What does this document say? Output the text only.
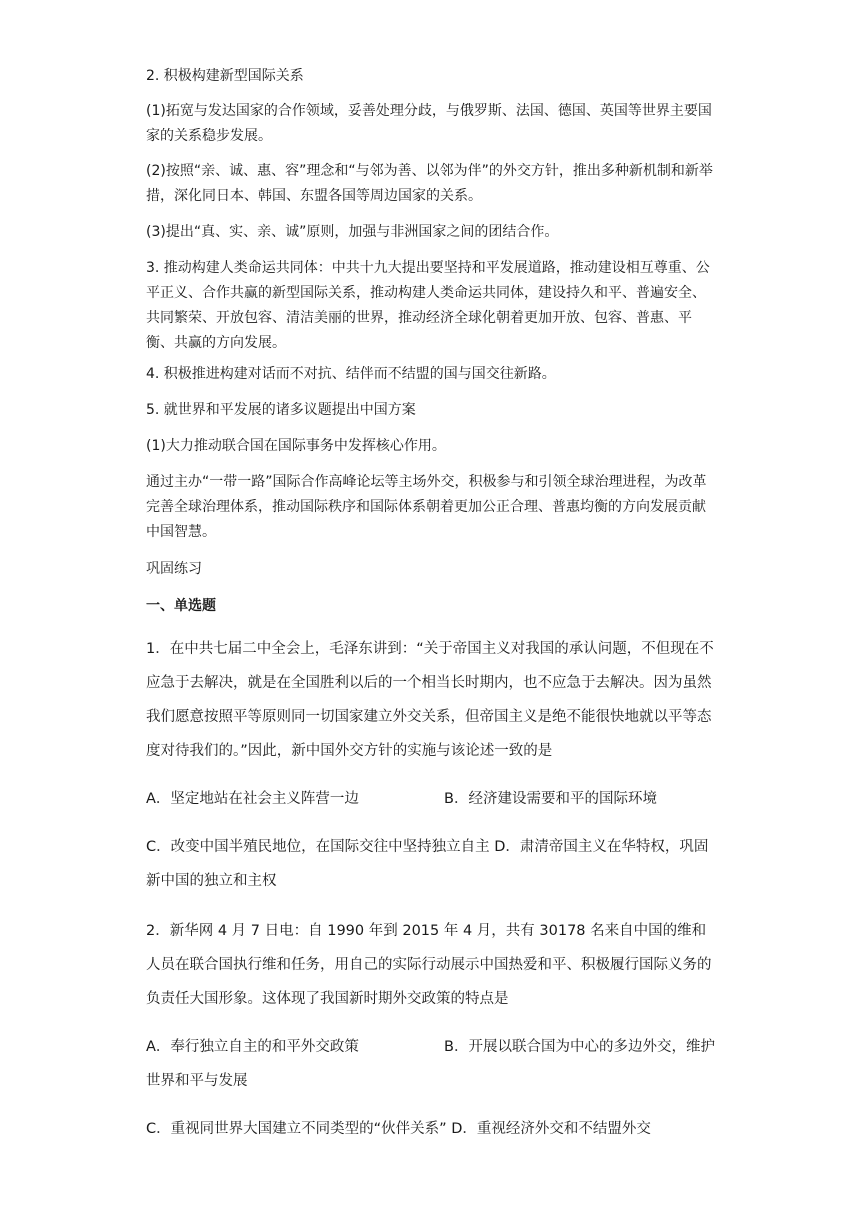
2. 积极构建新型国际关系

(1)拓宽与发达国家的合作领域，妥善处理分歧，与俄罗斯、法国、德国、英国等世界主要国家的关系稳步发展。

(2)按照“亲、诚、惠、容”理念和“与邻为善、以邻为伴”的外交方针，推出多种新机制和新举措，深化同日本、韩国、东盟各国等周边国家的关系。

(3)提出“真、实、亲、诚”原则，加强与非洲国家之间的团结合作。

3. 推动构建人类命运共同体：中共十九大提出要坚持和平发展道路，推动建设相互尊重、公平正义、合作共赢的新型国际关系，推动构建人类命运共同体，建设持久和平、普遍安全、共同繁荣、开放包容、清洁美丽的世界，推动经济全球化朝着更加开放、包容、普惠、平衡、共赢的方向发展。

4. 积极推进构建对话而不对抗、结伴而不结盟的国与国交往新路。

5. 就世界和平发展的诸多议题提出中国方案

(1)大力推动联合国在国际事务中发挥核心作用。

通过主办“一带一路”国际合作高峰论坛等主场外交，积极参与和引领全球治理进程，为改革完善全球治理体系，推动国际秩序和国际体系朝着更加公正合理、普惠均衡的方向发展贡献中国智慧。

巩固练习

一、单选题

1．在中共七届二中全会上，毛泽东讲到：“关于帝国主义对我国的承认问题，不但现在不应急于去解决，就是在全国胜利以后的一个相当长时期内，也不应急于去解决。因为虽然我们愿意按照平等原则同一切国家建立外交关系，但帝国主义是绝不能很快地就以平等态度对待我们的。”因此，新中国外交方针的实施与该论述一致的是

A．坚定地站在社会主义阵营一边	B．经济建设需要和平的国际环境

C．改变中国半殖民地位，在国际交往中坚持独立自主 D．肃清帝国主义在华特权，巩固新中国的独立和主权

2．新华网 4 月 7 日电：自 1990 年到 2015 年 4 月，共有 30178 名来自中国的维和人员在联合国执行维和任务，用自己的实际行动展示中国热爱和平、积极履行国际义务的负责任大国形象。这体现了我国新时期外交政策的特点是

A．奉行独立自主的和平外交政策	B．开展以联合国为中心的多边外交，维护世界和平与发展

C．重视同世界大国建立不同类型的“伙伴关系” D．重视经济外交和不结盟外交
